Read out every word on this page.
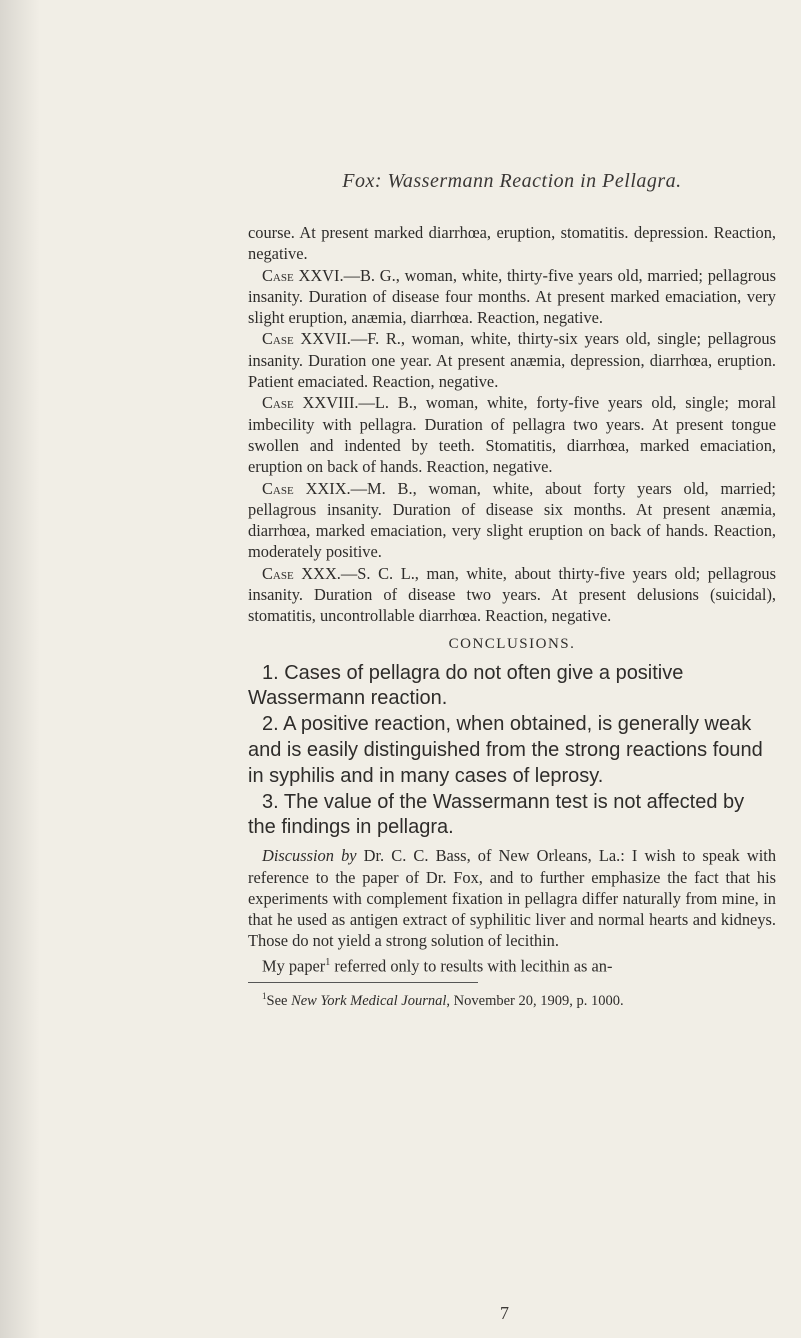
Fox: Wassermann Reaction in Pellagra.

course. At present marked diarrhœa, eruption, stomatitis. depression. Reaction, negative.

Case XXVI.—B. G., woman, white, thirty-five years old, married; pellagrous insanity. Duration of disease four months. At present marked emaciation, very slight eruption, anæmia, diarrhœa. Reaction, negative.

Case XXVII.—F. R., woman, white, thirty-six years old, single; pellagrous insanity. Duration one year. At present anæmia, depression, diarrhœa, eruption. Patient emaciated. Reaction, negative.

Case XXVIII.—L. B., woman, white, forty-five years old, single; moral imbecility with pellagra. Duration of pellagra two years. At present tongue swollen and indented by teeth. Stomatitis, diarrhœa, marked emaciation, eruption on back of hands. Reaction, negative.

Case XXIX.—M. B., woman, white, about forty years old, married; pellagrous insanity. Duration of disease six months. At present anæmia, diarrhœa, marked emaciation, very slight eruption on back of hands. Reaction, moderately positive.

Case XXX.—S. C. L., man, white, about thirty-five years old; pellagrous insanity. Duration of disease two years. At present delusions (suicidal), stomatitis, uncontrollable diarrhœa. Reaction, negative.

CONCLUSIONS.

1. Cases of pellagra do not often give a positive Wassermann reaction.

2. A positive reaction, when obtained, is generally weak and is easily distinguished from the strong reactions found in syphilis and in many cases of leprosy.

3. The value of the Wassermann test is not affected by the findings in pellagra.

Discussion by Dr. C. C. Bass, of New Orleans, La.: I wish to speak with reference to the paper of Dr. Fox, and to further emphasize the fact that his experiments with complement fixation in pellagra differ naturally from mine, in that he used as antigen extract of syphilitic liver and normal hearts and kidneys. Those do not yield a strong solution of lecithin.

My paper$^1$ referred only to results with lecithin as an-

$^1$See New York Medical Journal, November 20, 1909, p. 1000.

7
